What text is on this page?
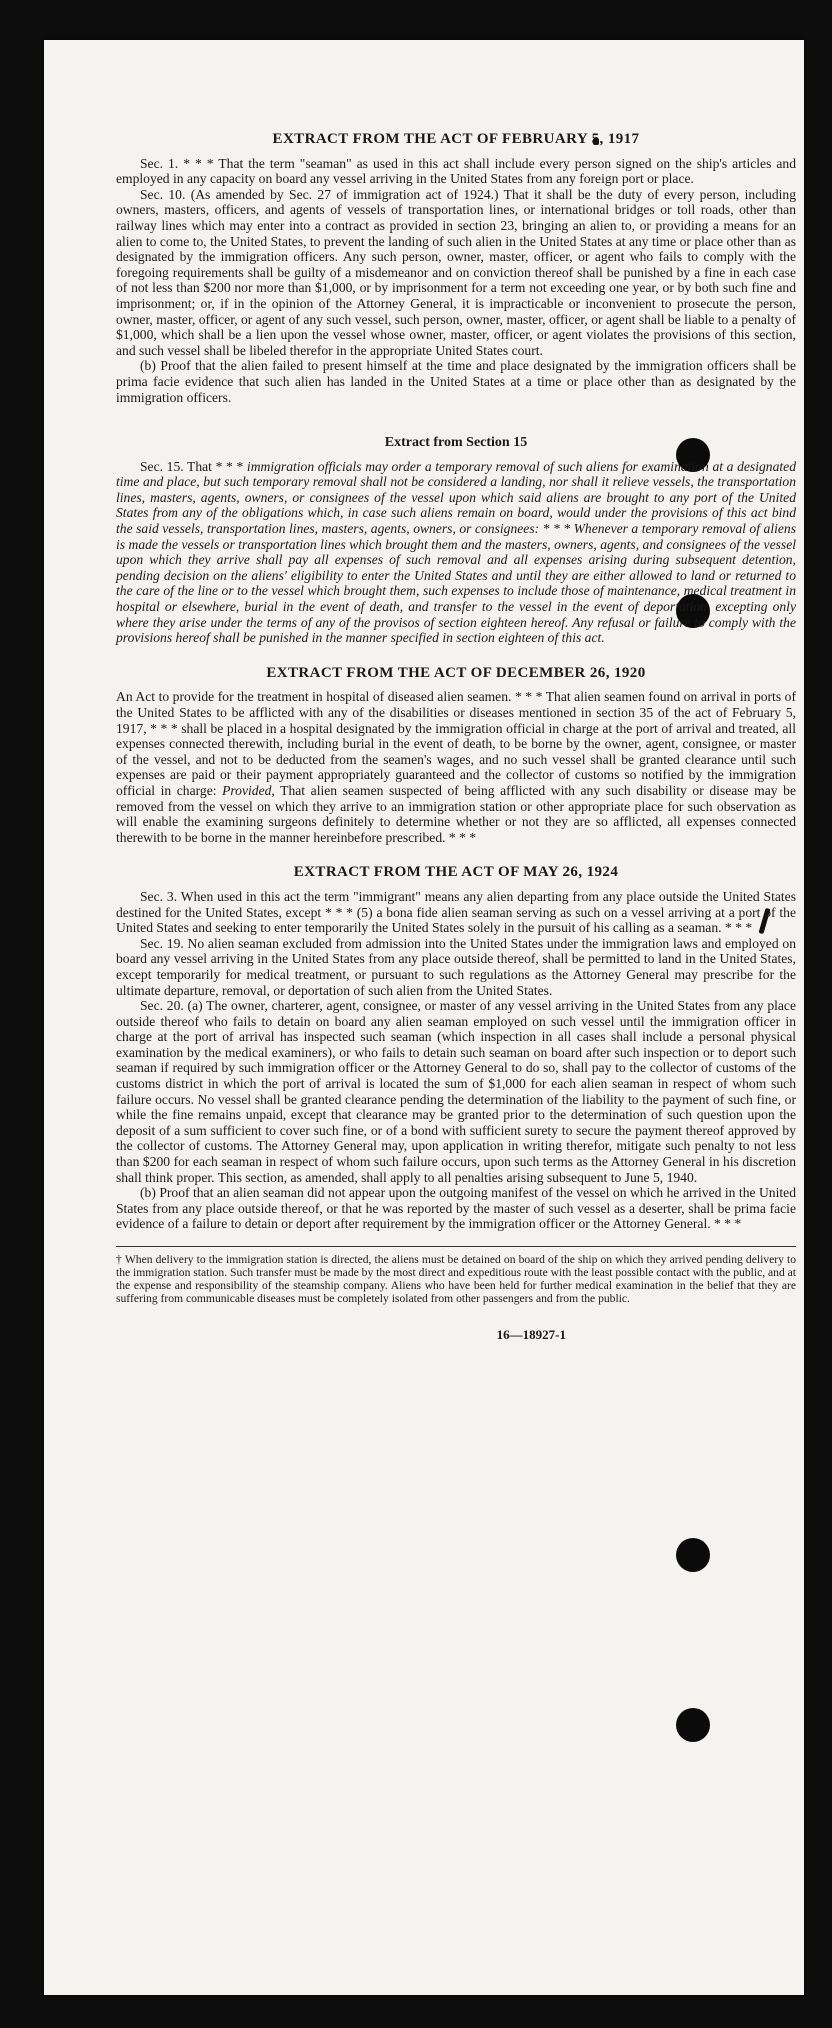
EXTRACT FROM THE ACT OF FEBRUARY 5, 1917

Sec. 1. * * * That the term "seaman" as used in this act shall include every person signed on the ship's articles and employed in any capacity on board any vessel arriving in the United States from any foreign port or place.

Sec. 10. (As amended by Sec. 27 of immigration act of 1924.) That it shall be the duty of every person, including owners, masters, officers, and agents of vessels of transportation lines, or international bridges or toll roads, other than railway lines which may enter into a contract as provided in section 23, bringing an alien to, or providing a means for an alien to come to, the United States, to prevent the landing of such alien in the United States at any time or place other than as designated by the immigration officers. Any such person, owner, master, officer, or agent who fails to comply with the foregoing requirements shall be guilty of a misdemeanor and on conviction thereof shall be punished by a fine in each case of not less than $200 nor more than $1,000, or by imprisonment for a term not exceeding one year, or by both such fine and imprisonment; or, if in the opinion of the Attorney General, it is impracticable or inconvenient to prosecute the person, owner, master, officer, or agent of any such vessel, such person, owner, master, officer, or agent shall be liable to a penalty of $1,000, which shall be a lien upon the vessel whose owner, master, officer, or agent violates the provisions of this section, and such vessel shall be libeled therefor in the appropriate United States court.

(b) Proof that the alien failed to present himself at the time and place designated by the immigration officers shall be prima facie evidence that such alien has landed in the United States at a time or place other than as designated by the immigration officers.

Extract from Section 15

Sec. 15. That * * * immigration officials may order a temporary removal of such aliens for examination at a designated time and place, but such temporary removal shall not be considered a landing, nor shall it relieve vessels, the transportation lines, masters, agents, owners, or consignees of the vessel upon which said aliens are brought to any port of the United States from any of the obligations which, in case such aliens remain on board, would under the provisions of this act bind the said vessels, transportation lines, masters, agents, owners, or consignees: * * * Whenever a temporary removal of aliens is made the vessels or transportation lines which brought them and the masters, owners, agents, and consignees of the vessel upon which they arrive shall pay all expenses of such removal and all expenses arising during subsequent detention, pending decision on the aliens' eligibility to enter the United States and until they are either allowed to land or returned to the care of the line or to the vessel which brought them, such expenses to include those of maintenance, medical treatment in hospital or elsewhere, burial in the event of death, and transfer to the vessel in the event of deportation, excepting only where they arise under the terms of any of the provisos of section eighteen hereof. Any refusal or failure to comply with the provisions hereof shall be punished in the manner specified in section eighteen of this act.

EXTRACT FROM THE ACT OF DECEMBER 26, 1920

An Act to provide for the treatment in hospital of diseased alien seamen. * * * That alien seamen found on arrival in ports of the United States to be afflicted with any of the disabilities or diseases mentioned in section 35 of the act of February 5, 1917, * * * shall be placed in a hospital designated by the immigration official in charge at the port of arrival and treated, all expenses connected therewith, including burial in the event of death, to be borne by the owner, agent, consignee, or master of the vessel, and not to be deducted from the seamen's wages, and no such vessel shall be granted clearance until such expenses are paid or their payment appropriately guaranteed and the collector of customs so notified by the immigration official in charge: Provided, That alien seamen suspected of being afflicted with any such disability or disease may be removed from the vessel on which they arrive to an immigration station or other appropriate place for such observation as will enable the examining surgeons definitely to determine whether or not they are so afflicted, all expenses connected therewith to be borne in the manner hereinbefore prescribed. * * *

EXTRACT FROM THE ACT OF MAY 26, 1924

Sec. 3. When used in this act the term "immigrant" means any alien departing from any place outside the United States destined for the United States, except * * * (5) a bona fide alien seaman serving as such on a vessel arriving at a port of the United States and seeking to enter temporarily the United States solely in the pursuit of his calling as a seaman. * * *

Sec. 19. No alien seaman excluded from admission into the United States under the immigration laws and employed on board any vessel arriving in the United States from any place outside thereof, shall be permitted to land in the United States, except temporarily for medical treatment, or pursuant to such regulations as the Attorney General may prescribe for the ultimate departure, removal, or deportation of such alien from the United States.

Sec. 20. (a) The owner, charterer, agent, consignee, or master of any vessel arriving in the United States from any place outside thereof who fails to detain on board any alien seaman employed on such vessel until the immigration officer in charge at the port of arrival has inspected such seaman (which inspection in all cases shall include a personal physical examination by the medical examiners), or who fails to detain such seaman on board after such inspection or to deport such seaman if required by such immigration officer or the Attorney General to do so, shall pay to the collector of customs of the customs district in which the port of arrival is located the sum of $1,000 for each alien seaman in respect of whom such failure occurs. No vessel shall be granted clearance pending the determination of the liability to the payment of such fine, or while the fine remains unpaid, except that clearance may be granted prior to the determination of such question upon the deposit of a sum sufficient to cover such fine, or of a bond with sufficient surety to secure the payment thereof approved by the collector of customs. The Attorney General may, upon application in writing therefor, mitigate such penalty to not less than $200 for each seaman in respect of whom such failure occurs, upon such terms as the Attorney General in his discretion shall think proper. This section, as amended, shall apply to all penalties arising subsequent to June 5, 1940.

(b) Proof that an alien seaman did not appear upon the outgoing manifest of the vessel on which he arrived in the United States from any place outside thereof, or that he was reported by the master of such vessel as a deserter, shall be prima facie evidence of a failure to detain or deport after requirement by the immigration officer or the Attorney General. * * *

† When delivery to the immigration station is directed, the aliens must be detained on board of the ship on which they arrived pending delivery to the immigration station. Such transfer must be made by the most direct and expeditious route with the least possible contact with the public, and at the expense and responsibility of the steamship company. Aliens who have been held for further medical examination in the belief that they are suffering from communicable diseases must be completely isolated from other passengers and from the public.
16—18927-1
